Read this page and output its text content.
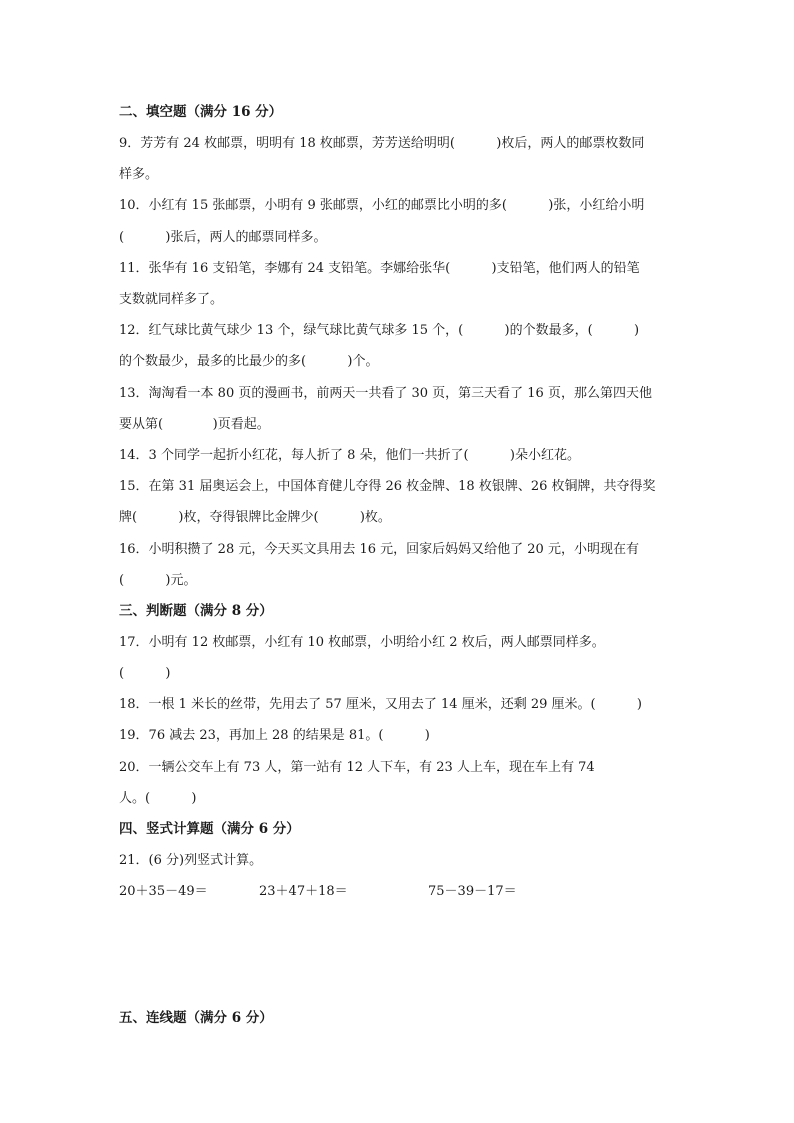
二、填空题（满分 16 分）
9．芳芳有 24 枚邮票，明明有 18 枚邮票，芳芳送给明明(          )枚后，两人的邮票枚数同
样多。
10．小红有 15 张邮票，小明有 9 张邮票，小红的邮票比小明的多(          )张，小红给小明
(          )张后，两人的邮票同样多。
11．张华有 16 支铅笔，李娜有 24 支铅笔。李娜给张华(          )支铅笔，他们两人的铅笔
支数就同样多了。
12．红气球比黄气球少 13 个，绿气球比黄气球多 15 个，(          )的个数最多，(          )
的个数最少，最多的比最少的多(          )个。
13．淘淘看一本 80 页的漫画书，前两天一共看了 30 页，第三天看了 16 页，那么第四天他
要从第(            )页看起。
14．3 个同学一起折小红花，每人折了 8 朵，他们一共折了(          )朵小红花。
15．在第 31 届奥运会上，中国体育健儿夺得 26 枚金牌、18 枚银牌、26 枚铜牌，共夺得奖
牌(          )枚，夺得银牌比金牌少(          )枚。
16．小明积攒了 28 元，今天买文具用去 16 元，回家后妈妈又给他了 20 元，小明现在有
(          )元。
三、判断题（满分 8 分）
17．小明有 12 枚邮票，小红有 10 枚邮票，小明给小红 2 枚后，两人邮票同样多。
(          )
18．一根 1 米长的丝带，先用去了 57 厘米，又用去了 14 厘米，还剩 29 厘米。(          )
19．76 减去 23，再加上 28 的结果是 81。(          )
20．一辆公交车上有 73 人，第一站有 12 人下车，有 23 人上车，现在车上有 74
人。(          )
四、竖式计算题（满分 6 分）
21．(6 分)列竖式计算。
20＋35－49＝	23＋47＋18＝	75－39－17＝
五、连线题（满分 6 分）
